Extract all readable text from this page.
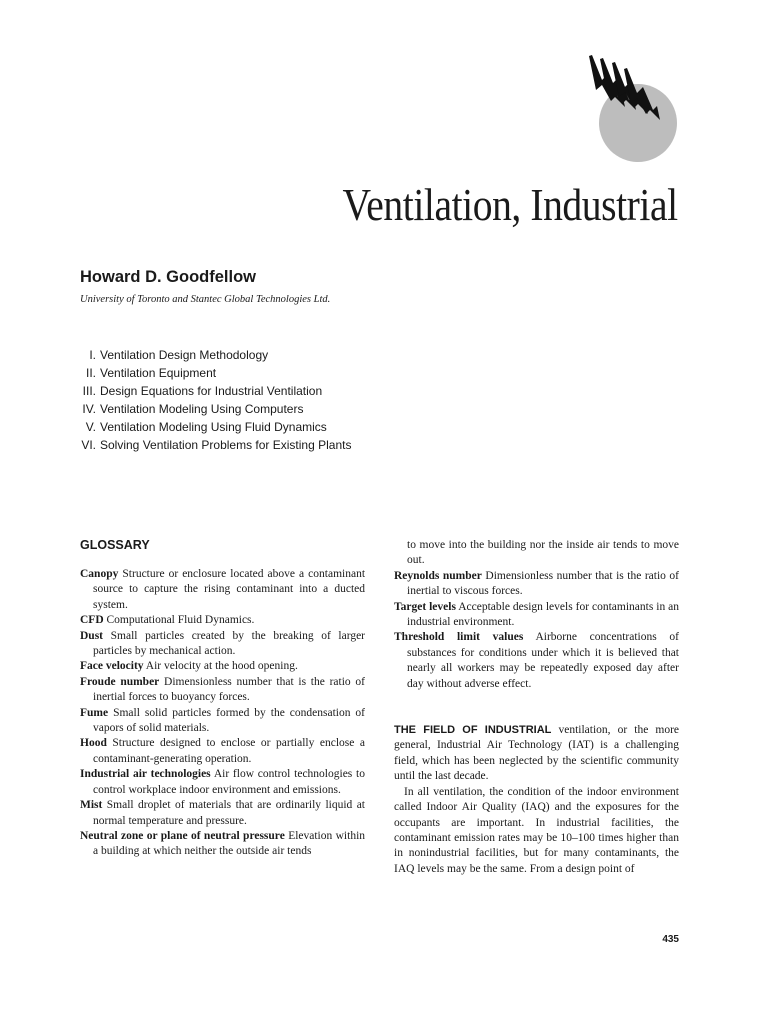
Ventilation, Industrial
Howard D. Goodfellow
University of Toronto and Stantec Global Technologies Ltd.
I. Ventilation Design Methodology
II. Ventilation Equipment
III. Design Equations for Industrial Ventilation
IV. Ventilation Modeling Using Computers
V. Ventilation Modeling Using Fluid Dynamics
VI. Solving Ventilation Problems for Existing Plants
GLOSSARY

Canopy Structure or enclosure located above a contaminant source to capture the rising contaminant into a ducted system.

CFD Computational Fluid Dynamics.

Dust Small particles created by the breaking of larger particles by mechanical action.

Face velocity Air velocity at the hood opening.

Froude number Dimensionless number that is the ratio of inertial forces to buoyancy forces.

Fume Small solid particles formed by the condensation of vapors of solid materials.

Hood Structure designed to enclose or partially enclose a contaminant-generating operation.

Industrial air technologies Air flow control technologies to control workplace indoor environment and emissions.

Mist Small droplet of materials that are ordinarily liquid at normal temperature and pressure.

Neutral zone or plane of neutral pressure Elevation within a building at which neither the outside air tends

to move into the building nor the inside air tends to move out.

Reynolds number Dimensionless number that is the ratio of inertial to viscous forces.

Target levels Acceptable design levels for contaminants in an industrial environment.

Threshold limit values Airborne concentrations of substances for conditions under which it is believed that nearly all workers may be repeatedly exposed day after day without adverse effect.

THE FIELD OF INDUSTRIAL ventilation, or the more general, Industrial Air Technology (IAT) is a challenging field, which has been neglected by the scientific community until the last decade.

In all ventilation, the condition of the indoor environment called Indoor Air Quality (IAQ) and the exposures for the occupants are important. In industrial facilities, the contaminant emission rates may be 10–100 times higher than in nonindustrial facilities, but for many contaminants, the IAQ levels may be the same. From a design point of

435
